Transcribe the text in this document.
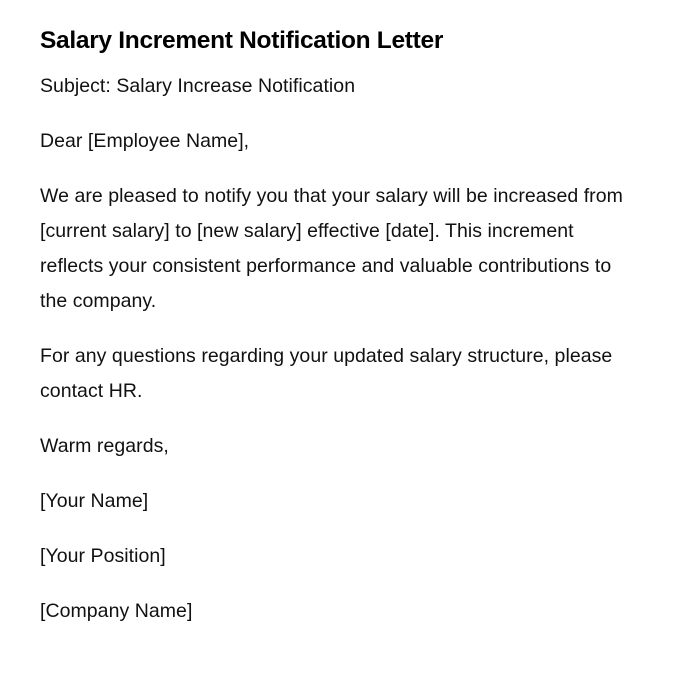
Salary Increment Notification Letter

Subject: Salary Increase Notification

Dear [Employee Name],

We are pleased to notify you that your salary will be increased from [current salary] to [new salary] effective [date]. This increment reflects your consistent performance and valuable contributions to the company.

For any questions regarding your updated salary structure, please contact HR.

Warm regards,

[Your Name]

[Your Position]

[Company Name]
